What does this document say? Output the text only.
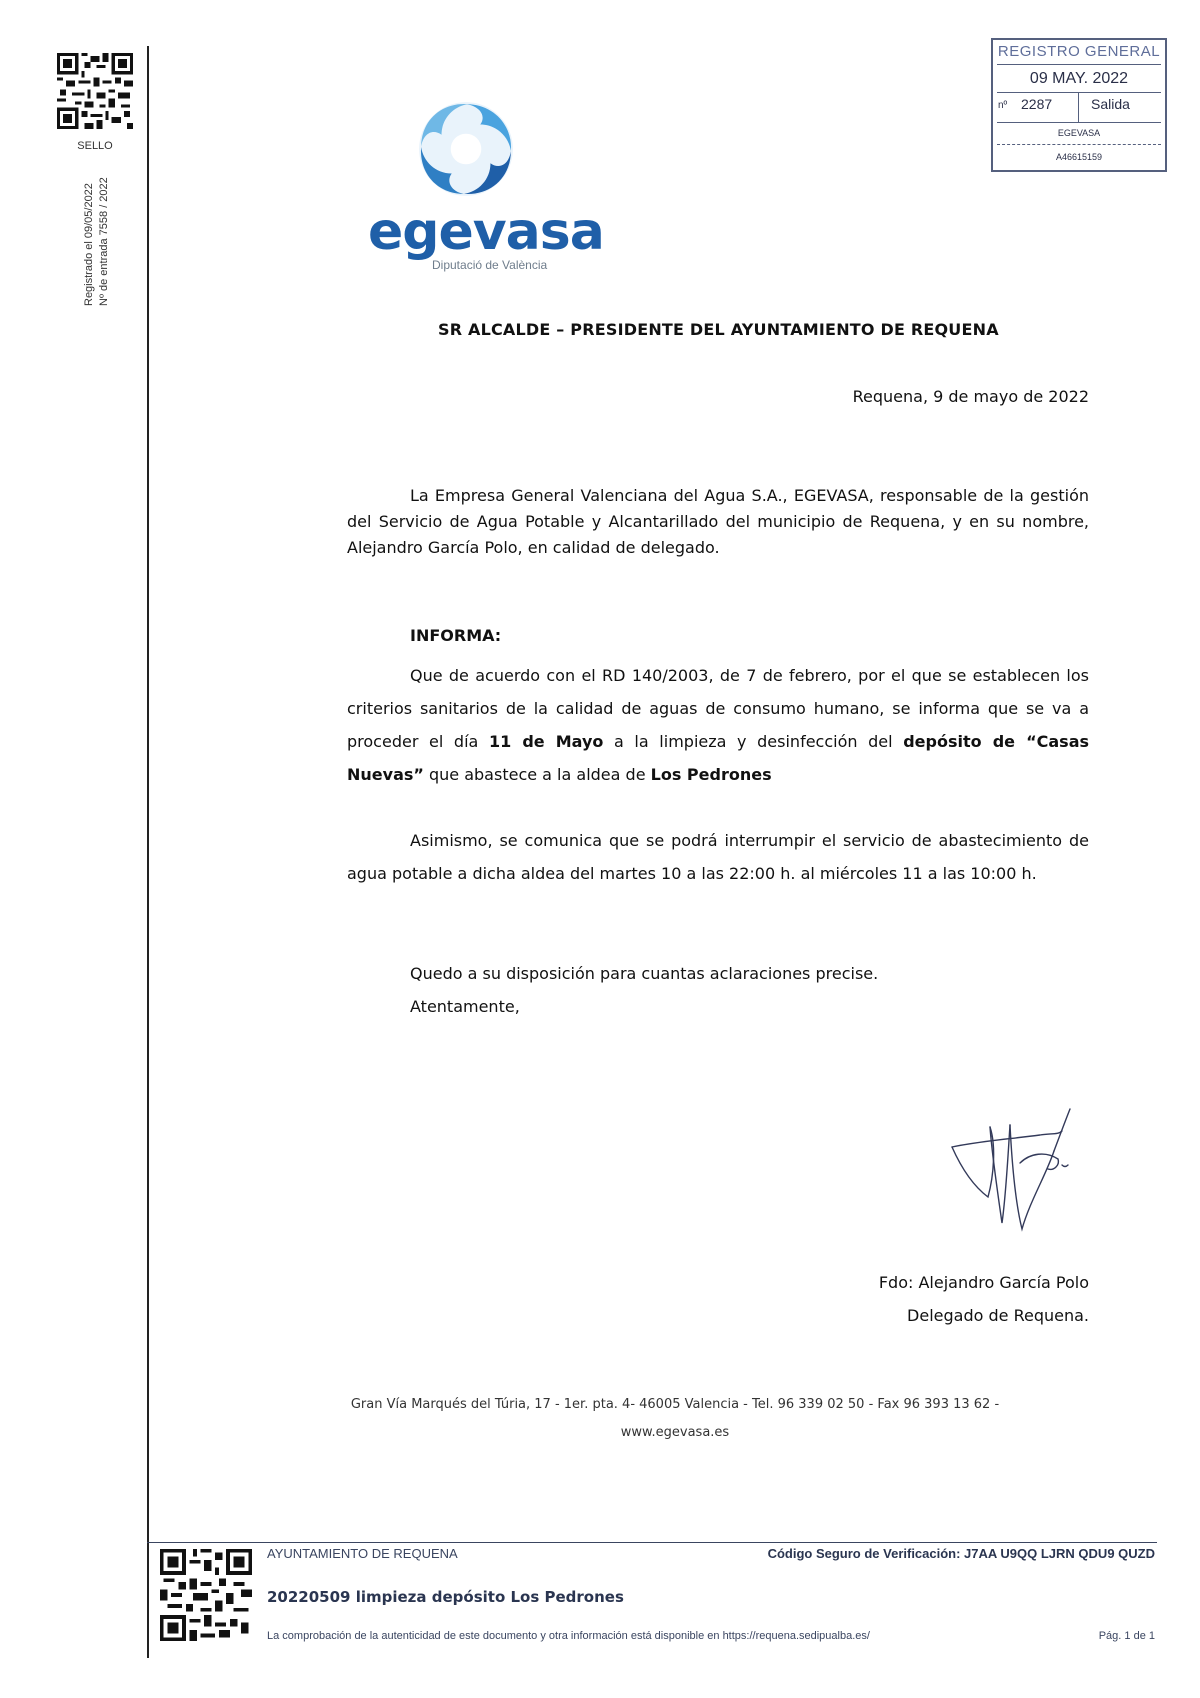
SELLO
Registrado el 09/05/2022 Nº de entrada 7558 / 2022	egevasa
Diputació de València
REGISTRO GENERAL
09 MAY. 2022
nº 2287	Salida
EGEVASA
A46615159
SR ALCALDE – PRESIDENTE DEL AYUNTAMIENTO DE REQUENA
Requena, 9 de mayo de 2022
La Empresa General Valenciana del Agua S.A., EGEVASA, responsable de la gestión del Servicio de Agua Potable y Alcantarillado del municipio de Requena, y en su nombre, Alejandro García Polo, en calidad de delegado.
INFORMA:
Que de acuerdo con el RD 140/2003, de 7 de febrero, por el que se establecen los criterios sanitarios de la calidad de aguas de consumo humano, se informa que se va a proceder el día 11 de Mayo a la limpieza y desinfección del depósito de “Casas Nuevas” que abastece a la aldea de Los Pedrones
Asimismo, se comunica que se podrá interrumpir el servicio de abastecimiento de agua potable a dicha aldea del martes 10 a las 22:00 h. al miércoles 11 a las 10:00 h.
Quedo a su disposición para cuantas aclaraciones precise.
Atentamente,
Fdo: Alejandro García Polo
Delegado de Requena.
Gran Vía Marqués del Túria, 17 - 1er. pta. 4- 46005 Valencia - Tel. 96 339 02 50 - Fax 96 393 13 62 -
www.egevasa.es
AYUNTAMIENTO DE REQUENA	Código Seguro de Verificación: J7AA U9QQ LJRN QDU9 QUZD
20220509 limpieza depósito Los Pedrones
La comprobación de la autenticidad de este documento y otra información está disponible en https://requena.sedipualba.es/	Pág. 1 de 1
